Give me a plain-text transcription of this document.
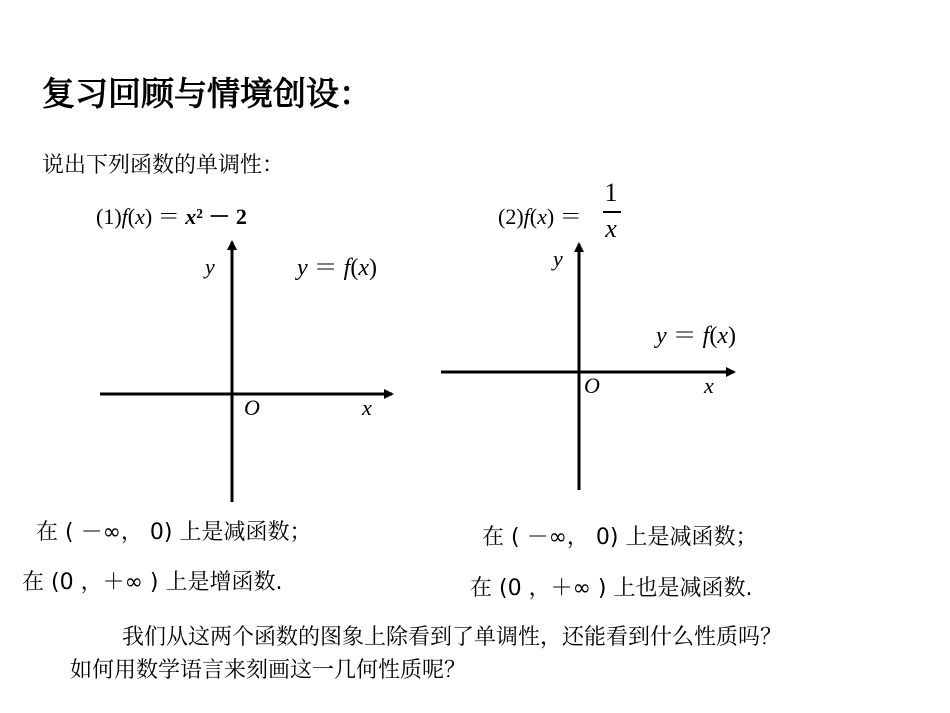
复习回顾与情境创设：
说出下列函数的单调性：
(1)f(x) ＝ x² － 2	(2)f(x) ＝
1
x
y
O	x
y ＝ f(x)	y
O	x
y ＝ f(x)
在 ( －∞， 0) 上是减函数；
在 (0 ，＋∞ ) 上是增函数.
在 ( －∞， 0) 上是减函数；
在 (0 ，＋∞ ) 上也是减函数.
我们从这两个函数的图象上除看到了单调性，还能看到什么性质吗？
如何用数学语言来刻画这一几何性质呢？
